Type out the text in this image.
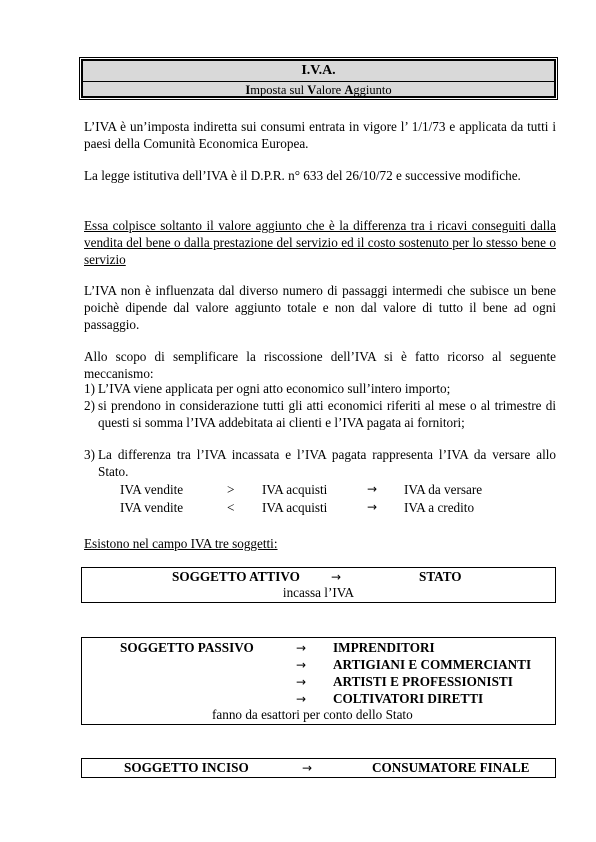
I.V.A.
Imposta sul Valore Aggiunto
L’IVA è un’imposta indiretta sui consumi entrata in vigore l’ 1/1/73 e applicata da tutti i paesi della Comunità Economica Europea.
La legge istitutiva dell’IVA è il D.P.R. n° 633 del 26/10/72 e successive modifiche.
Essa colpisce soltanto il valore aggiunto che è la differenza tra i ricavi conseguiti dalla vendita del bene o dalla prestazione del servizio ed il costo sostenuto per lo stesso bene o servizio
L’IVA non è influenzata dal diverso numero di passaggi intermedi che subisce un bene poichè dipende dal valore aggiunto totale e non dal valore di tutto il bene ad ogni passaggio.
Allo scopo di semplificare la riscossione dell’IVA si è fatto ricorso al seguente meccanismo:
1) L’IVA viene applicata per ogni atto economico sull’intero importo;
2) si prendono in considerazione tutti gli atti economici riferiti al mese o al trimestre di questi si somma l’IVA addebitata ai clienti e l’IVA pagata ai fornitori;
3) La differenza tra l’IVA incassata e l’IVA pagata rappresenta l’IVA da versare allo Stato.
IVA vendite	> IVA acquisti	→ IVA da versare
IVA vendite	< IVA acquisti	→ IVA a credito
Esistono nel campo IVA tre soggetti:
SOGGETTO ATTIVO	→	STATO
incassa l’IVA
SOGGETTO PASSIVO	→ IMPRENDITORI
→ ARTIGIANI E COMMERCIANTI
→ ARTISTI E PROFESSIONISTI
→ COLTIVATORI DIRETTI
fanno da esattori per conto dello Stato
SOGGETTO INCISO	→	CONSUMATORE FINALE
